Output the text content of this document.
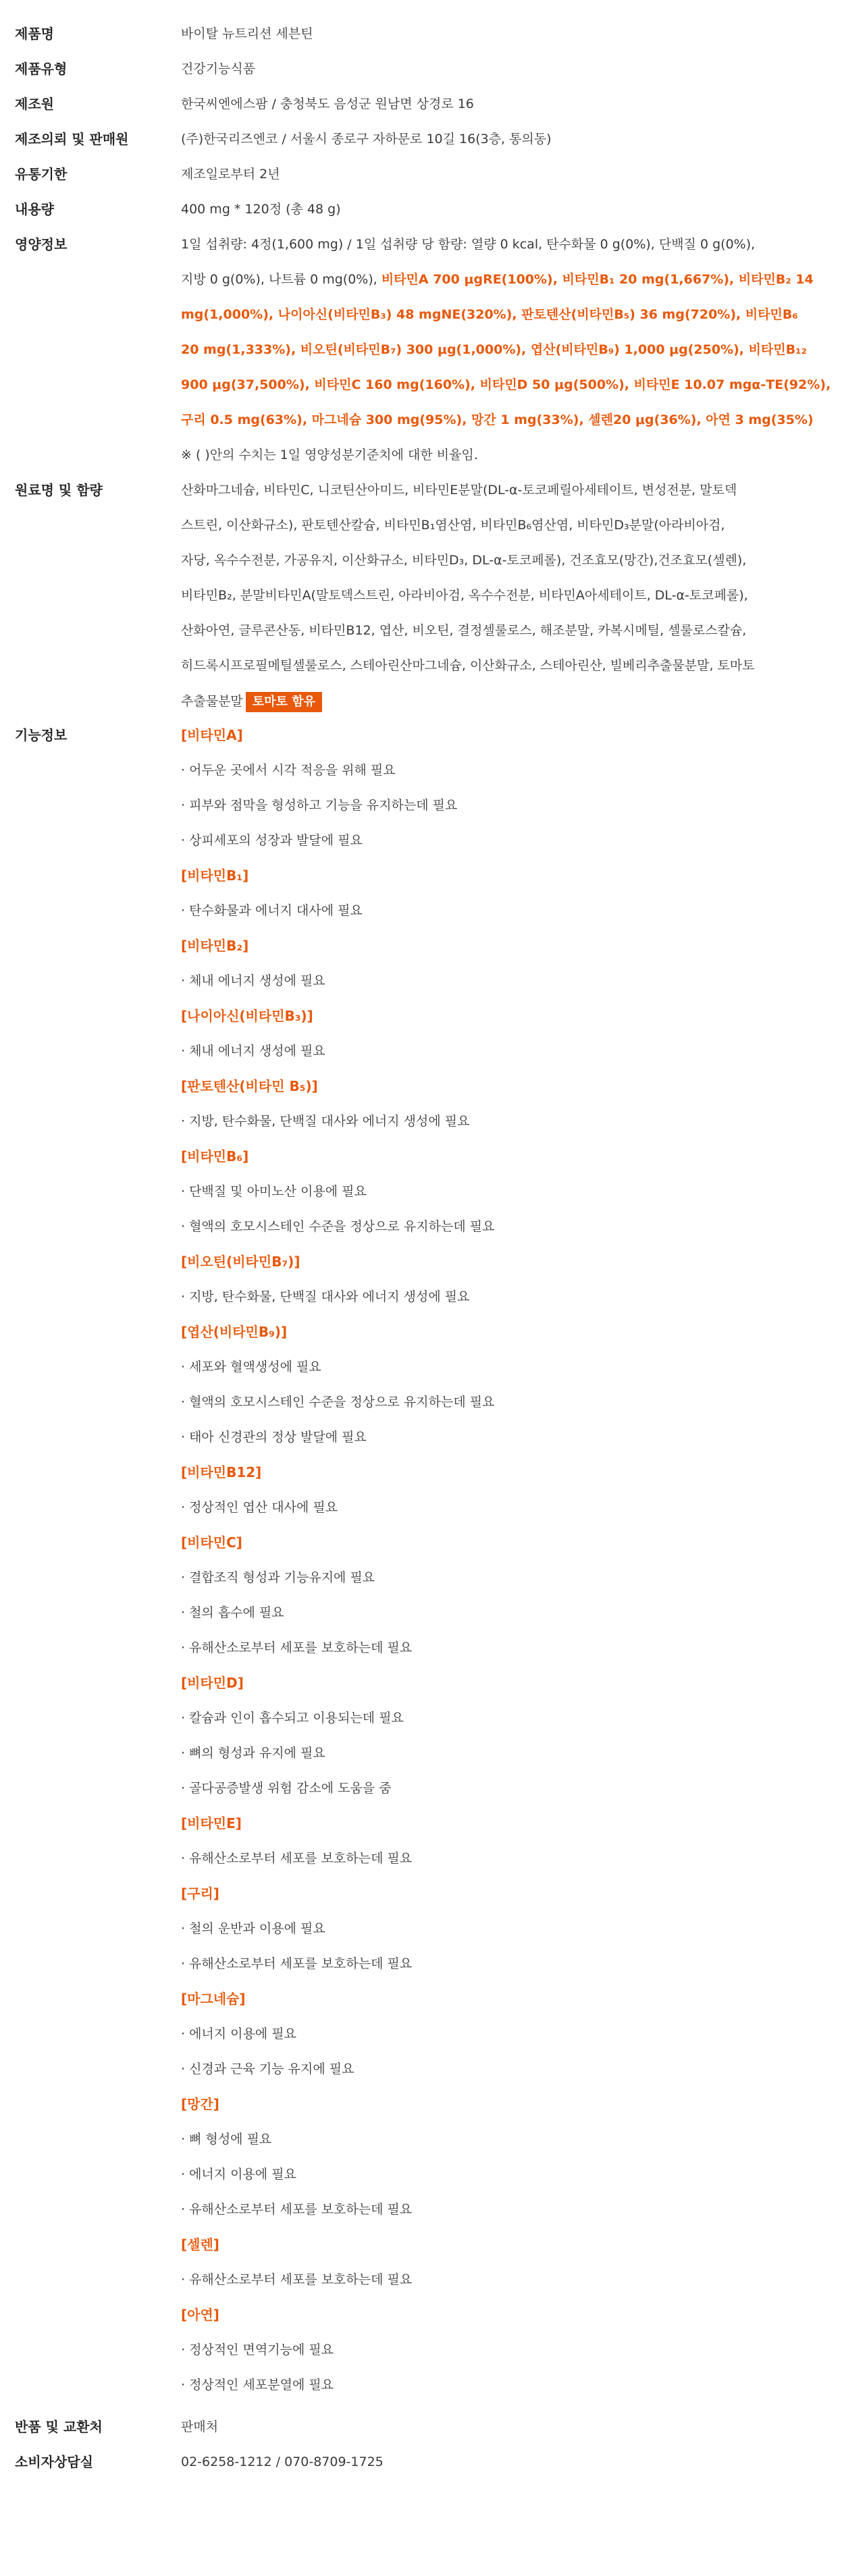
제품명	바이탈 뉴트리션 세븐틴
제품유형	건강기능식품
제조원	한국씨엔에스팜 / 충청북도 음성군 원남면 상경로 16
제조의뢰 및 판매원	(주)한국리즈엔코 / 서울시 종로구 자하문로 10길 16(3층, 통의동)
유통기한	제조일로부터 2년
내용량	400 mg * 120정 (총 48 g)
영양정보	1일 섭취량: 4정(1,600 mg) / 1일 섭취량 당 함량: 열량 0 kcal, 탄수화물 0 g(0%), 단백질 0 g(0%),
지방 0 g(0%), 나트륨 0 mg(0%), 비타민A 700 μgRE(100%), 비타민B₁ 20 mg(1,667%), 비타민B₂ 14
mg(1,000%), 나이아신(비타민B₃) 48 mgNE(320%), 판토텐산(비타민B₅) 36 mg(720%), 비타민B₆
20 mg(1,333%), 비오틴(비타민B₇) 300 μg(1,000%), 엽산(비타민B₉) 1,000 μg(250%), 비타민B₁₂
900 μg(37,500%), 비타민C 160 mg(160%), 비타민D 50 μg(500%), 비타민E 10.07 mgα-TE(92%),
구리 0.5 mg(63%), 마그네슘 300 mg(95%), 망간 1 mg(33%), 셀렌20 μg(36%), 아연 3 mg(35%)
※ ( )안의 수치는 1일 영양성분기준치에 대한 비율임.
원료명 및 함량	산화마그네슘, 비타민C, 니코틴산아미드, 비타민E분말(DL-α-토코페릴아세테이트, 변성전분, 말토덱
스트린, 이산화규소), 판토텐산칼슘, 비타민B₁염산염, 비타민B₆염산염, 비타민D₃분말(아라비아검,
자당, 옥수수전분, 가공유지, 이산화규소, 비타민D₃, DL-α-토코페롤), 건조효모(망간),건조효모(셀렌),
비타민B₂, 분말비타민A(말토덱스트린, 아라비아검, 옥수수전분, 비타민A아세테이트, DL-α-토코페롤),
산화아연, 글루콘산동, 비타민B12, 엽산, 비오틴, 결정셀룰로스, 해조분말, 카복시메틸, 셀룰로스칼슘,
히드록시프로필메틸셀룰로스, 스테아린산마그네슘, 이산화규소, 스테아린산, 빌베리추출물분말, 토마토
추출물분말 토마토 함유
기능정보	[비타민A]
· 어두운 곳에서 시각 적응을 위해 필요
· 피부와 점막을 형성하고 기능을 유지하는데 필요
· 상피세포의 성장과 발달에 필요
[비타민B₁]
· 탄수화물과 에너지 대사에 필요
[비타민B₂]
· 체내 에너지 생성에 필요
[나이아신(비타민B₃)]
· 체내 에너지 생성에 필요
[판토텐산(비타민 B₅)]
· 지방, 탄수화물, 단백질 대사와 에너지 생성에 필요
[비타민B₆]
· 단백질 및 아미노산 이용에 필요
· 혈액의 호모시스테인 수준을 정상으로 유지하는데 필요
[비오틴(비타민B₇)]
· 지방, 탄수화물, 단백질 대사와 에너지 생성에 필요
[엽산(비타민B₉)]
· 세포와 혈액생성에 필요
· 혈액의 호모시스테인 수준을 정상으로 유지하는데 필요
· 태아 신경관의 정상 발달에 필요
[비타민B12]
· 정상적인 엽산 대사에 필요
[비타민C]
· 결합조직 형성과 기능유지에 필요
· 철의 흡수에 필요
· 유해산소로부터 세포를 보호하는데 필요
[비타민D]
· 칼슘과 인이 흡수되고 이용되는데 필요
· 뼈의 형성과 유지에 필요
· 골다공증발생 위험 감소에 도움을 줌
[비타민E]
· 유해산소로부터 세포를 보호하는데 필요
[구리]
· 철의 운반과 이용에 필요
· 유해산소로부터 세포를 보호하는데 필요
[마그네슘]
· 에너지 이용에 필요
· 신경과 근육 기능 유지에 필요
[망간]
· 뼈 형성에 필요
· 에너지 이용에 필요
· 유해산소로부터 세포를 보호하는데 필요
[셀렌]
· 유해산소로부터 세포를 보호하는데 필요
[아연]
· 정상적인 면역기능에 필요
· 정상적인 세포분열에 필요
반품 및 교환처	판매처
소비자상담실	02-6258-1212 / 070-8709-1725
